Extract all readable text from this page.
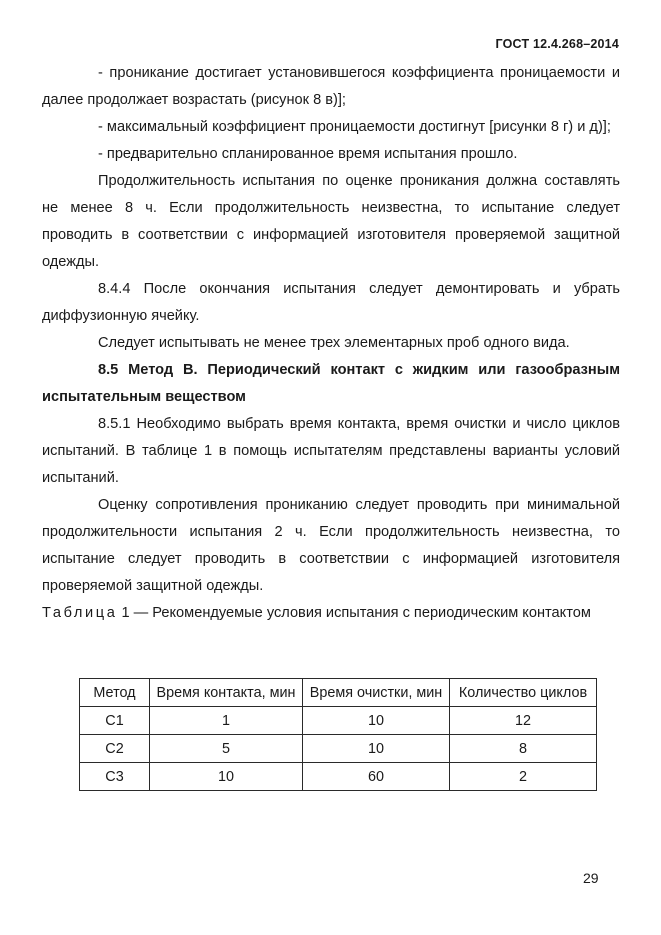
ГОСТ 12.4.268–2014

- проникание достигает установившегося коэффициента проницаемости и далее продолжает возрастать (рисунок 8 в)];

- максимальный коэффициент проницаемости достигнут [рисунки 8 г) и д)];

- предварительно спланированное время испытания прошло.

Продолжительность испытания по оценке проникания должна составлять не менее 8 ч. Если продолжительность неизвестна, то испытание следует проводить в соответствии с информацией изготовителя проверяемой защитной одежды.

8.4.4 После окончания испытания следует демонтировать и убрать диффузионную ячейку.

Следует испытывать не менее трех элементарных проб одного вида.

8.5 Метод В. Периодический контакт с жидким или газообразным испытательным веществом

8.5.1 Необходимо выбрать время контакта, время очистки и число циклов испытаний. В таблице 1 в помощь испытателям представлены варианты условий испытаний.

Оценку сопротивления прониканию следует проводить при минимальной продолжительности испытания 2 ч. Если продолжительность неизвестна, то испытание следует проводить в соответствии с информацией изготовителя проверяемой защитной одежды.

Таблица 1 — Рекомендуемые условия испытания с периодическим контактом

Метод	Время контакта, мин	Время очистки, мин	Количество циклов
C1	1	10	12
C2	5	10	8
C3	10	60	2
29
